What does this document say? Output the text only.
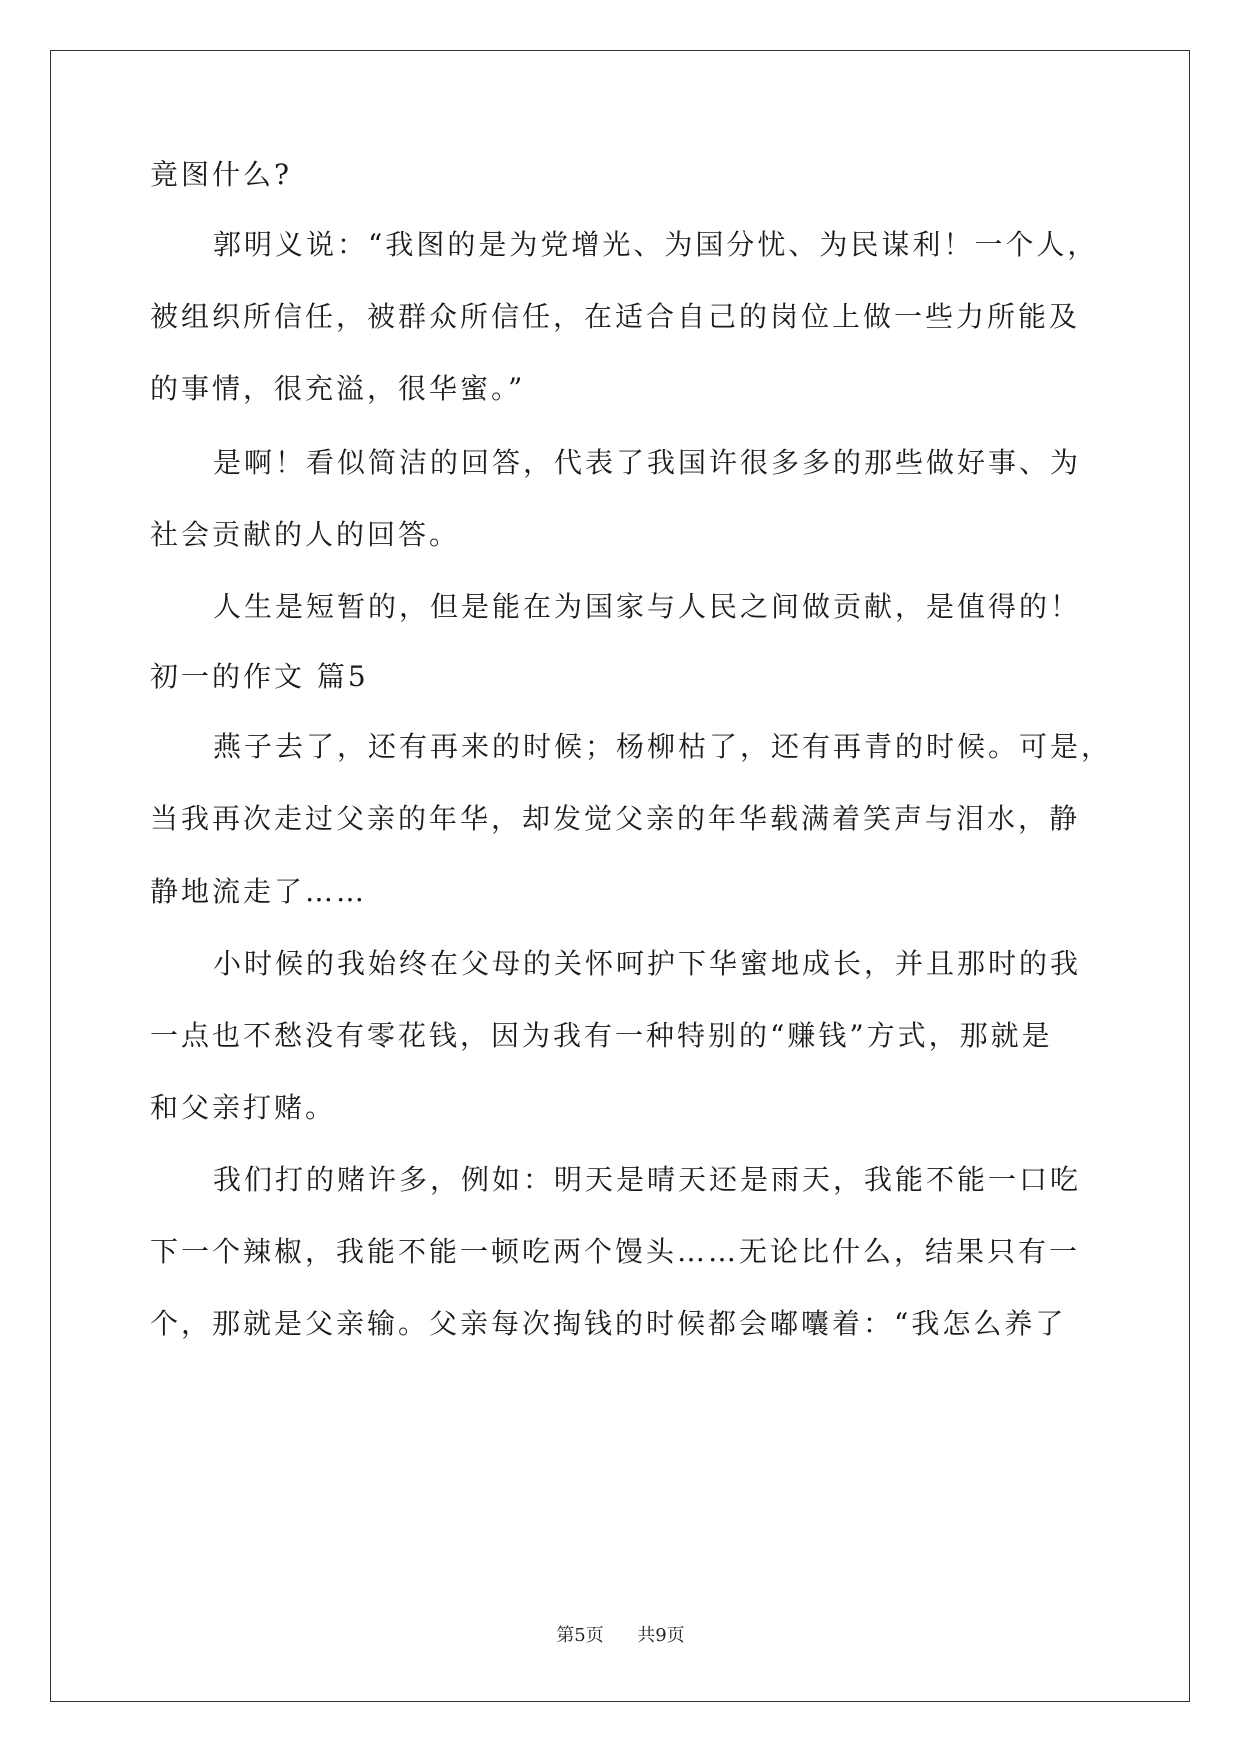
竟图什么?
郭明义说：“我图的是为党增光、为国分忧、为民谋利！一个人，
被组织所信任，被群众所信任，在适合自己的岗位上做一些力所能及
的事情，很充溢，很华蜜。”
是啊！看似简洁的回答，代表了我国许很多多的那些做好事、为
社会贡献的人的回答。
人生是短暂的，但是能在为国家与人民之间做贡献，是值得的！
初一的作文 篇5
燕子去了，还有再来的时候；杨柳枯了，还有再青的时候。可是，
当我再次走过父亲的年华，却发觉父亲的年华载满着笑声与泪水，静
静地流走了……
小时候的我始终在父母的关怀呵护下华蜜地成长，并且那时的我
一点也不愁没有零花钱，因为我有一种特别的“赚钱”方式，那就是
和父亲打赌。
我们打的赌许多，例如：明天是晴天还是雨天，我能不能一口吃
下一个辣椒，我能不能一顿吃两个馒头……无论比什么，结果只有一
个，那就是父亲输。父亲每次掏钱的时候都会嘟囔着：“我怎么养了
第5页 共9页
